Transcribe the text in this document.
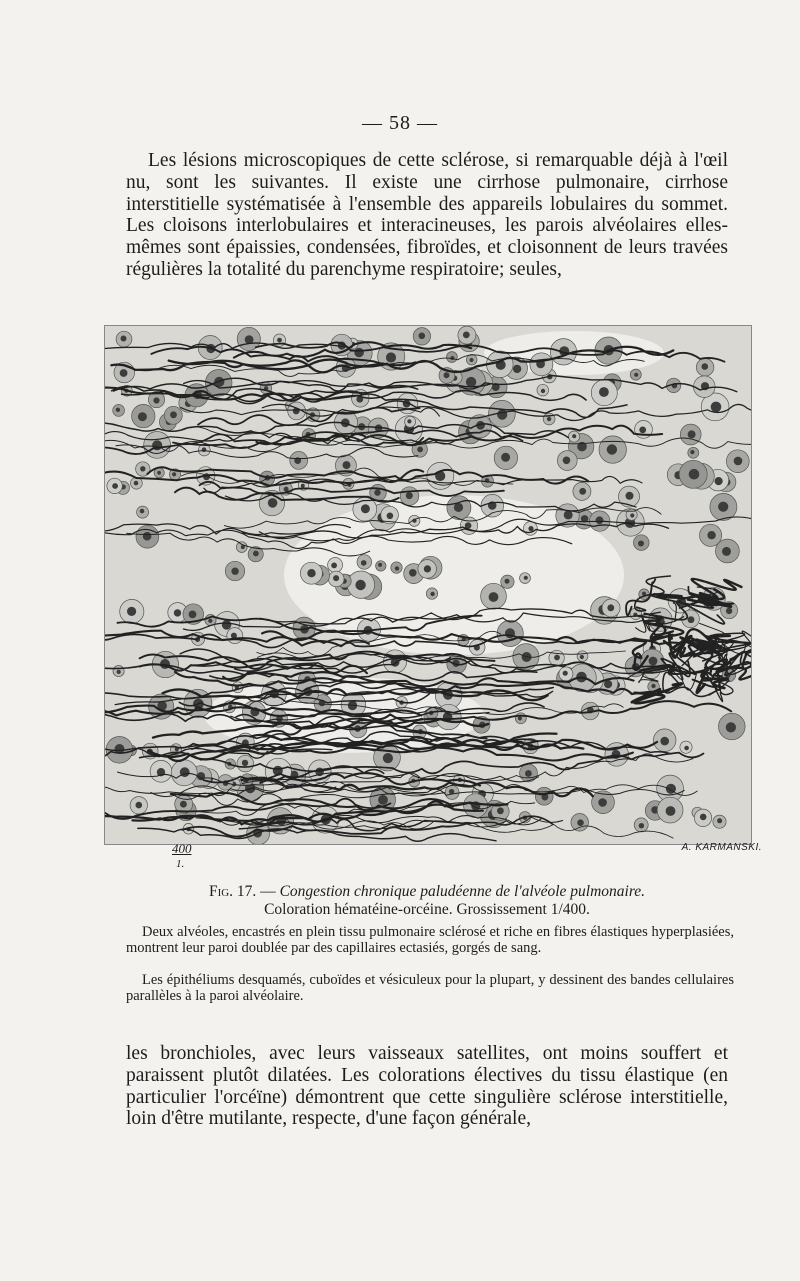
— 58 —

Les lésions microscopiques de cette sclérose, si remarquable déjà à l'œil nu, sont les suivantes. Il existe une cirrhose pulmonaire, cirrhose interstitielle systématisée à l'ensemble des appareils lobulaires du sommet. Les cloisons interlobulaires et interacineuses, les parois alvéolaires elles-mêmes sont épaissies, condensées, fibroïdes, et cloisonnent de leurs travées régulières la totalité du parenchyme respiratoire; seules,

400
1.
A. KARMANSKI.
Fig. 17. — Congestion chronique paludéenne de l'alvéole pulmonaire.
Coloration hématéine-orcéine. Grossissement 1/400.

Deux alvéoles, encastrés en plein tissu pulmonaire sclérosé et riche en fibres élastiques hyperplasiées, montrent leur paroi doublée par des capillaires ectasiés, gorgés de sang.

Les épithéliums desquamés, cuboïdes et vésiculeux pour la plupart, y dessinent des bandes cellulaires parallèles à la paroi alvéolaire.

les bronchioles, avec leurs vaisseaux satellites, ont moins souffert et paraissent plutôt dilatées. Les colorations électives du tissu élastique (en particulier l'orcéïne) démontrent que cette singulière sclérose interstitielle, loin d'être mutilante, respecte, d'une façon générale,
